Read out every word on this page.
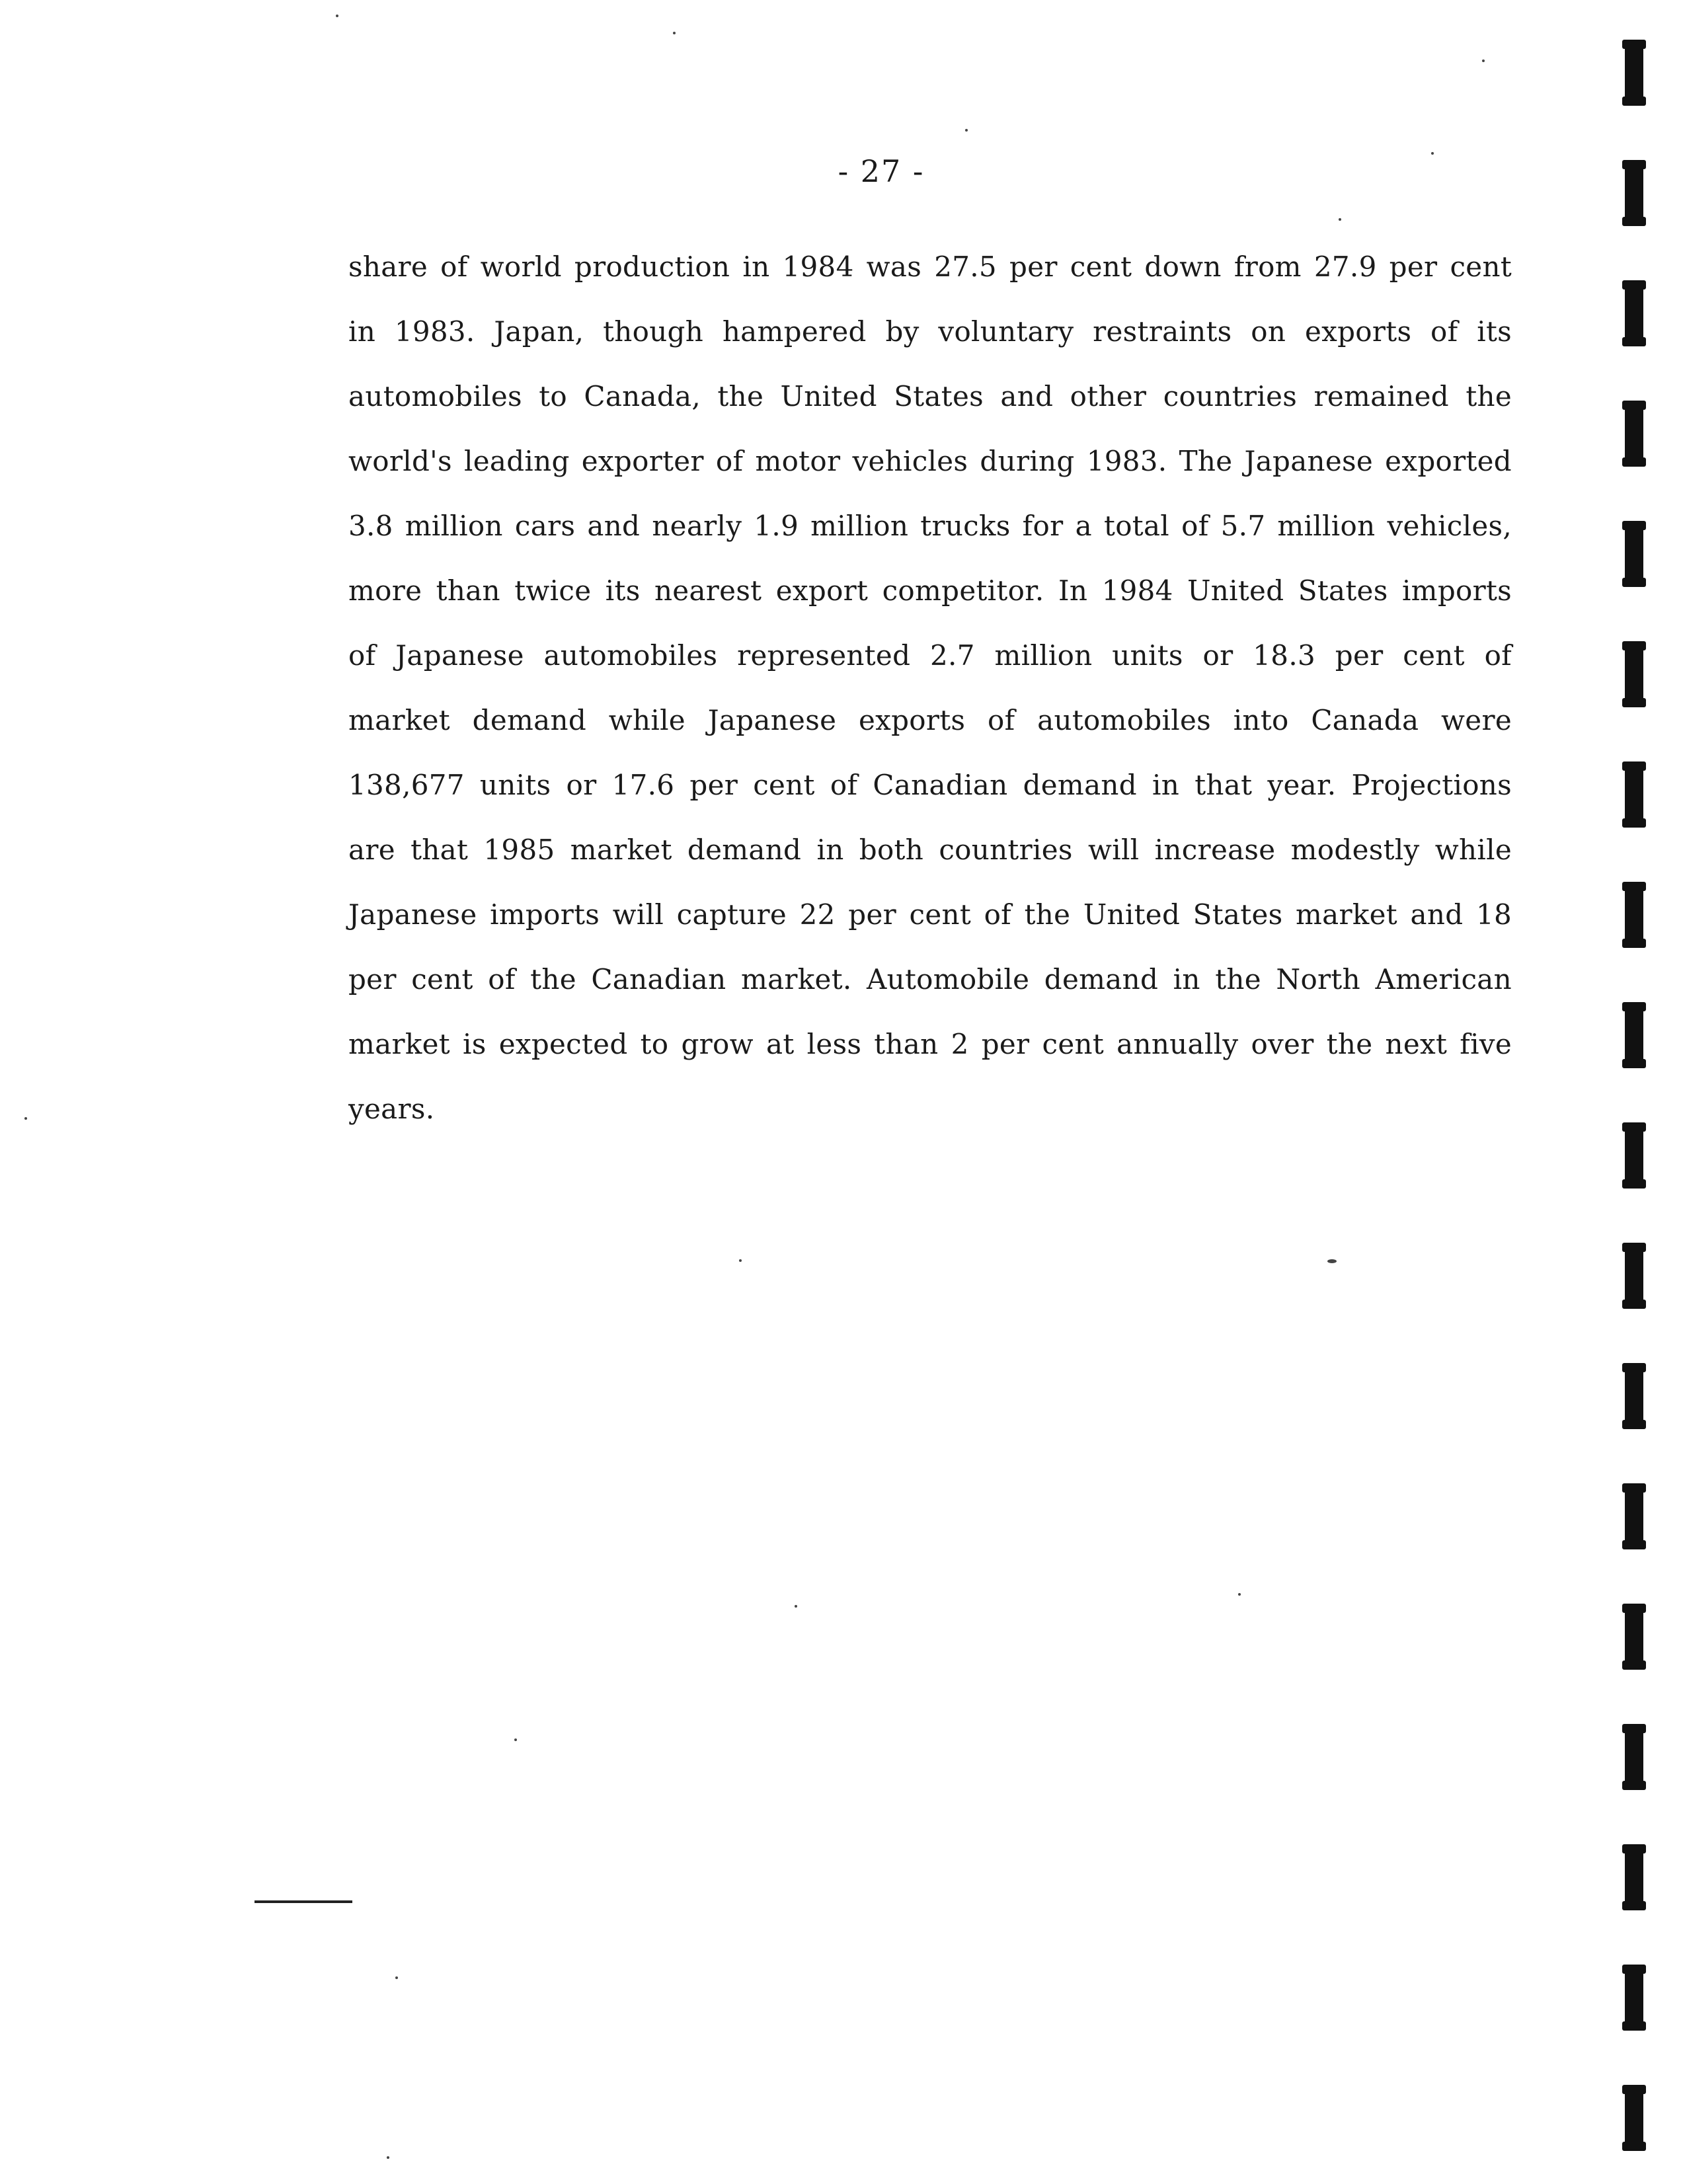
- 27 -

share of world production in 1984 was 27.5 per cent down from 27.9 per cent in 1983. Japan, though hampered by voluntary restraints on exports of its automobiles to Canada, the United States and other countries remained the world's leading exporter of motor vehicles during 1983. The Japanese exported 3.8 million cars and nearly 1.9 million trucks for a total of 5.7 million vehicles, more than twice its nearest export competitor. In 1984 United States imports of Japanese automobiles represented 2.7 million units or 18.3 per cent of market demand while Japanese exports of automobiles into Canada were 138,677 units or 17.6 per cent of Canadian demand in that year. Projections are that 1985 market demand in both countries will increase modestly while Japanese imports will capture 22 per cent of the United States market and 18 per cent of the Canadian market. Automobile demand in the North American market is expected to grow at less than 2 per cent annually over the next five years.
